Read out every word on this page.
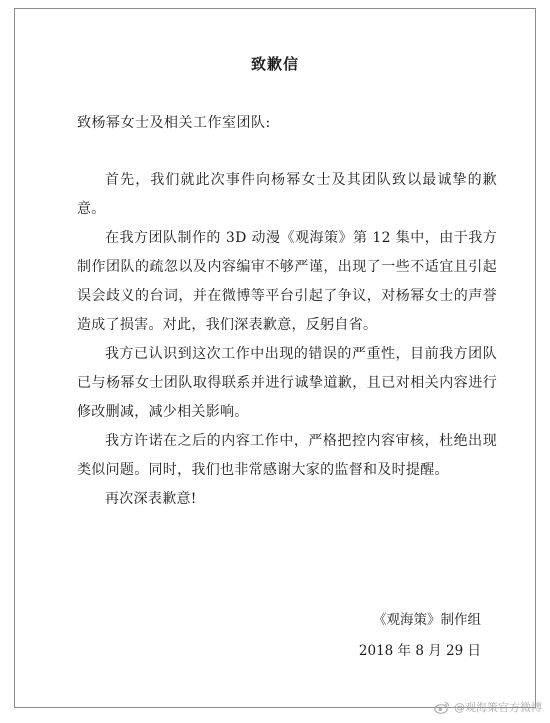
致歉信
致杨幂女士及相关工作室团队:

首先，我们就此次事件向杨幂女士及其团队致以最诚挚的歉意。

在我方团队制作的 3D 动漫《观海策》第 12 集中，由于我方制作团队的疏忽以及内容编审不够严谨，出现了一些不适宜且引起误会歧义的台词，并在微博等平台引起了争议，对杨幂女士的声誉造成了损害。对此，我们深表歉意，反躬自省。

我方已认识到这次工作中出现的错误的严重性，目前我方团队已与杨幂女士团队取得联系并进行诚挚道歉，且已对相关内容进行修改删减，减少相关影响。

我方许诺在之后的内容工作中，严格把控内容审核，杜绝出现类似问题。同时，我们也非常感谢大家的监督和及时提醒。

再次深表歉意!

《观海策》制作组
2018 年 8 月 29 日
@观海策官方微博
